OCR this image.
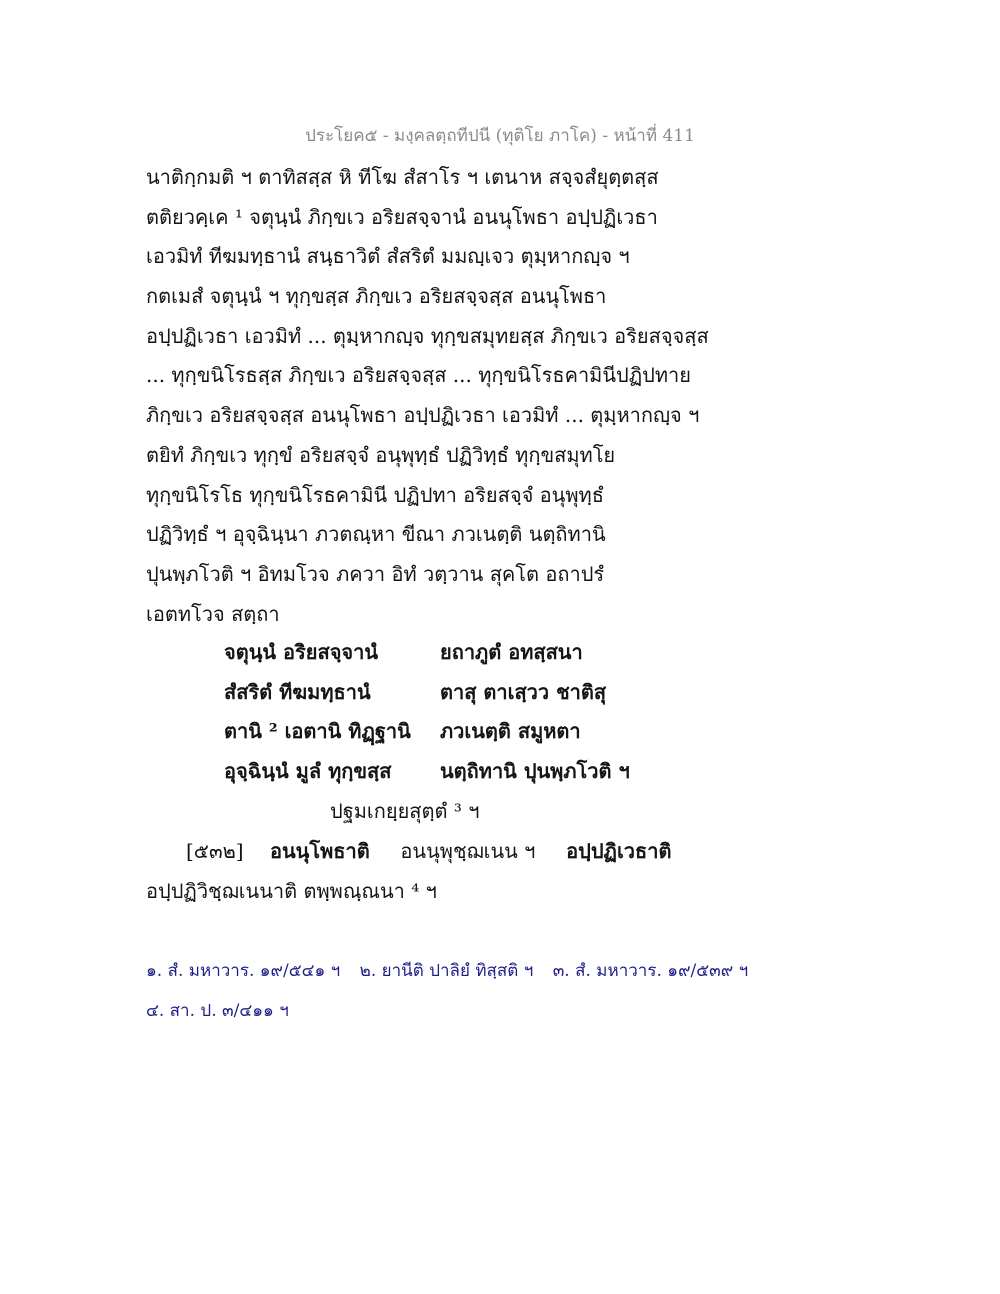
ประโยค๕ - มงฺคลตฺถทีปนี (ทุติโย ภาโค) - หน้าที่ 411
นาติกฺกมติ ฯ ตาทิสสฺส หิ ทีโฆ สํสาโร ฯ เตนาห สจฺจสํยุตฺตสฺส
ตติยวคฺเค ¹ จตุนฺนํ ภิกฺขเว อริยสจฺจานํ อนนุโพธา อปฺปฏิเวธา
เอวมิทํ ทีฆมทฺธานํ สนฺธาวิตํ สํสริตํ มมญฺเจว ตุมฺหากญฺจ ฯ
กตเมสํ จตุนฺนํ ฯ ทุกฺขสฺส ภิกฺขเว อริยสจฺจสฺส อนนุโพธา
อปฺปฏิเวธา เอวมิทํ ... ตุมฺหากญฺจ ทุกฺขสมุทยสฺส ภิกฺขเว อริยสจฺจสฺส
... ทุกฺขนิโรธสฺส ภิกฺขเว อริยสจฺจสฺส ... ทุกฺขนิโรธคามินีปฏิปทาย
ภิกฺขเว อริยสจฺจสฺส อนนุโพธา อปฺปฏิเวธา เอวมิทํ ... ตุมฺหากญฺจ ฯ
ตยิทํ ภิกฺขเว ทุกฺขํ อริยสจฺจํ อนุพุทฺธํ ปฏิวิทฺธํ ทุกฺขสมุทโย
ทุกฺขนิโรโธ ทุกฺขนิโรธคามินี ปฏิปทา อริยสจฺจํ อนุพุทฺธํ
ปฏิวิทฺธํ ฯ อุจฺฉินฺนา ภวตณฺหา ขีณา ภวเนตฺติ นตฺถิทานิ
ปุนพฺภโวติ ฯ อิทมโวจ ภควา อิทํ วตฺวาน สุคโต อถาปรํ
เอตทโวจ สตฺถา
จตุนฺนํ อริยสจฺจานํ	ยถาภูตํ อทสฺสนา
สํสริตํ ทีฆมทฺธานํ	ตาสุ ตาเสฺวว ชาติสุ
ตานิ ² เอตานิ ทิฏฺฐานิ	ภวเนตฺติ สมูหตา
อุจฺฉินฺนํ มูลํ ทุกฺขสฺส	นตฺถิทานิ ปุนพฺภโวติ ฯ
ปฐมเกยฺยสุตฺตํ ³ ฯ
[๕๓๒] อนนุโพธาติ อนนุพุชฺฌเนน ฯ อปฺปฏิเวธาติ
อปฺปฏิวิชฺฌเนนาติ ตพฺพณฺณนา ⁴ ฯ
๑. สํ. มหาวาร. ๑๙/๕๔๑ ฯ ๒. ยานีติ ปาลิยํ ทิสฺสติ ฯ ๓. สํ. มหาวาร. ๑๙/๕๓๙ ฯ
๔. สา. ป. ๓/๔๑๑ ฯ
